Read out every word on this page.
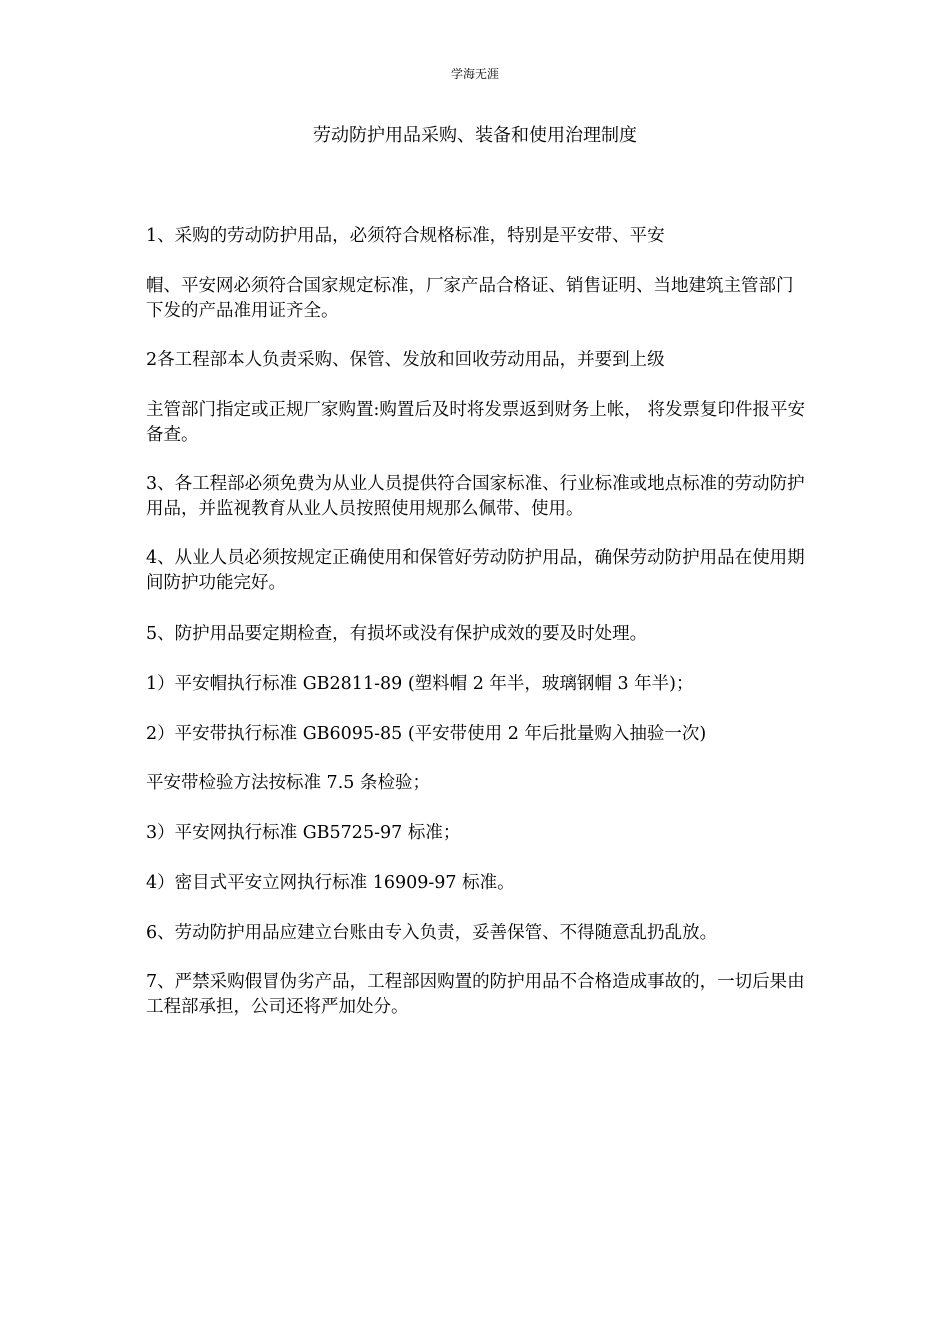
学海无涯
劳动防护用品采购、装备和使用治理制度

1、采购的劳动防护用品，必须符合规格标准，特别是平安带、平安

帽、平安网必须符合国家规定标准，厂家产品合格证、销售证明、当地建筑主管部门下发的产品准用证齐全。

2各工程部本人负责采购、保管、发放和回收劳动用品，并要到上级

主管部门指定或正规厂家购置:购置后及时将发票返到财务上帐， 将发票复印件报平安备查。

3、各工程部必须免费为从业人员提供符合国家标准、行业标准或地点标准的劳动防护用品，并监视教育从业人员按照使用规那么佩带、使用。

4、从业人员必须按规定正确使用和保管好劳动防护用品，确保劳动防护用品在使用期间防护功能完好。

5、防护用品要定期检查，有损坏或没有保护成效的要及时处理。

1）平安帽执行标准 GB2811-89 (塑料帽 2 年半，玻璃钢帽 3 年半)；

2）平安带执行标准 GB6095-85 (平安带使用 2 年后批量购入抽验一次)

平安带检验方法按标准 7.5 条检验；

3）平安网执行标准 GB5725-97 标准；

4）密目式平安立网执行标准 16909-97 标准。

6、劳动防护用品应建立台账由专入负责，妥善保管、不得随意乱扔乱放。

7、严禁采购假冒伪劣产品，工程部因购置的防护用品不合格造成事故的，一切后果由工程部承担，公司还将严加处分。
